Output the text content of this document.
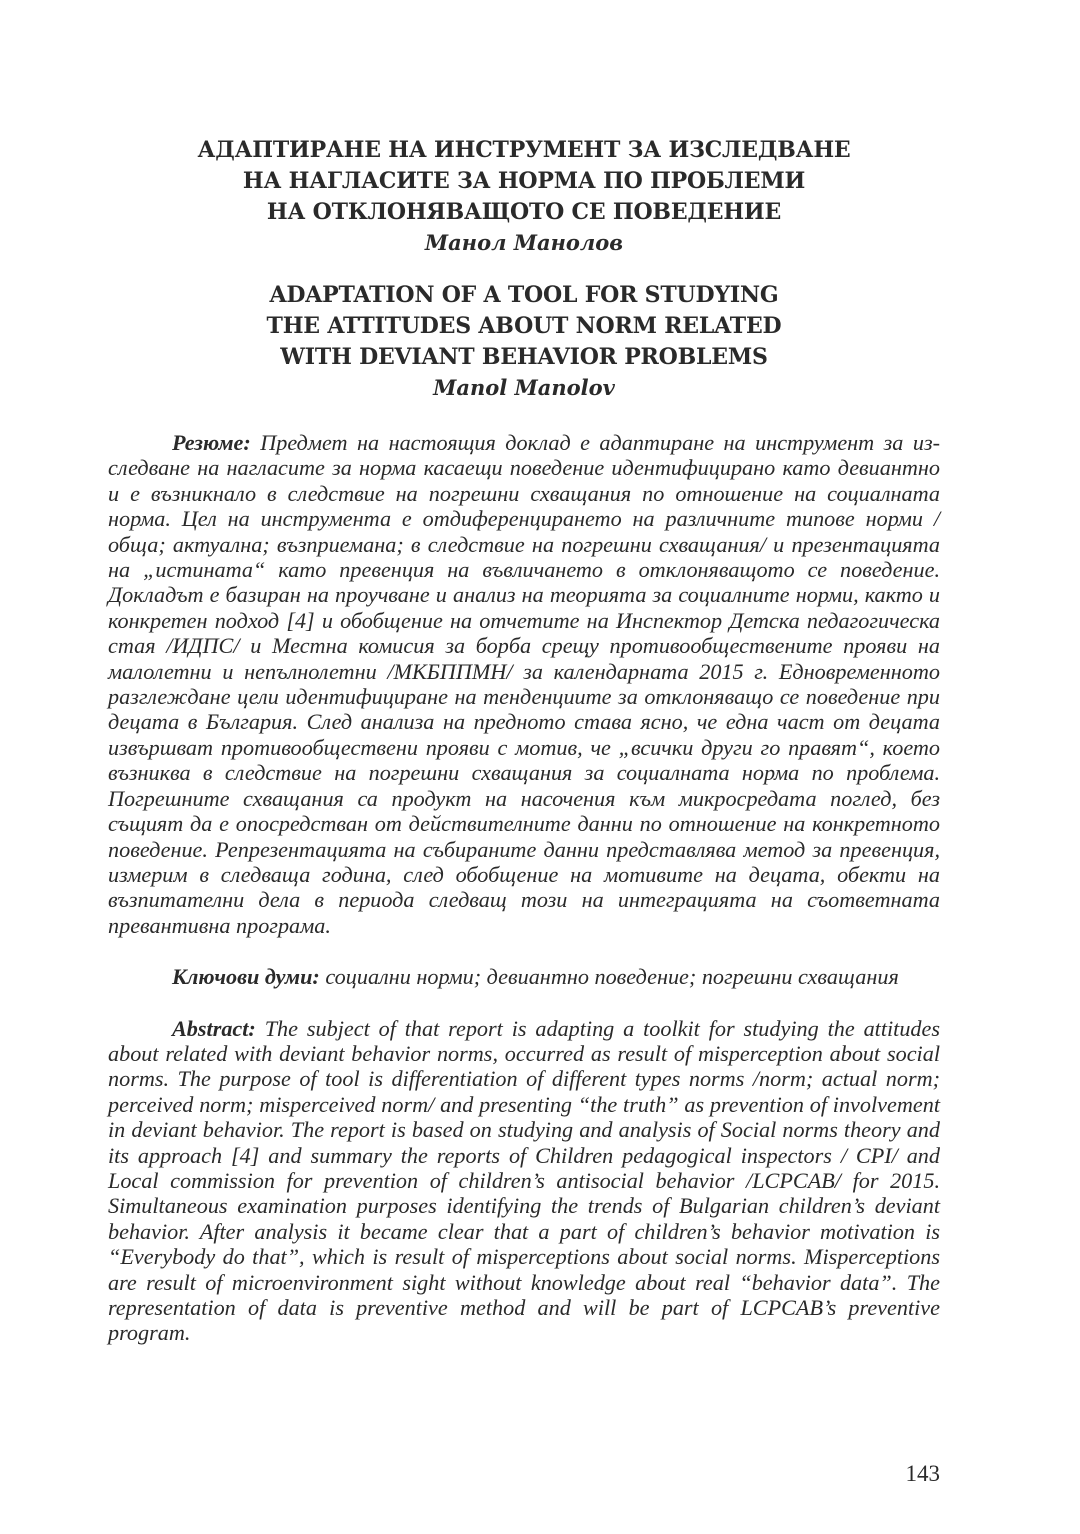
АДАПТИРАНЕ НА ИНСТРУМЕНТ ЗА ИЗСЛЕДВАНЕ
НА НАГЛАСИТЕ ЗА НОРМА ПО ПРОБЛЕМИ
НА ОТКЛОНЯВАЩОТО СЕ ПОВЕДЕНИЕ
Манол Манолов
ADAPTATION OF A TOOL FOR STUDYING
THE ATTITUDES ABOUT NORM RELATED
WITH DEVIANT BEHAVIOR PROBLEMS
Manol Manolov

Резюме: Предмет на настоящия доклад е адаптиране на инструмент за изследване на нагласите за норма касаещи поведение идентифицирано като девиантно и е възникнало в следствие на погрешни схващания по отношение на социалната норма. Цел на инструмента е отдиференцирането на различните типове норми / обща; актуална; възприемана; в следствие на погрешни схващания/ и презентацията на „истината“ като превенция на въвличането в отклоняващото се поведение. Докладът е базиран на проучване и анализ на теорията за социалните норми, както и конкретен подход [4] и обобщение на отчетите на Инспектор Детска педагогическа стая /ИДПС/ и Местна комисия за борба срещу противообществените прояви на малолетни и непълнолетни /МКБППМН/ за календарната 2015 г. Едновременното разглеждане цели идентифициране на тенденциите за отклоняващо се поведение при децата в България. След анализа на предното става ясно, че една част от децата извършват противообществени прояви с мотив, че „всички други го правят“, което възниква в следствие на погрешни схващания за социалната норма по проблема. Погрешните схващания са продукт на насочения към микросредата поглед, без същият да е опосредстван от действителните данни по отношение на конкретното поведение. Репрезентацията на събираните данни представлява метод за превенция, измерим в следваща година, след обобщение на мотивите на децата, обекти на възпитателни дела в периода следващ този на интеграцията на съответната превантивна програма.

Ключови думи: социални норми; девиантно поведение; погрешни схващания

Abstract: The subject of that report is adapting a toolkit for studying the attitudes about related with deviant behavior norms, occurred as result of misperception about social norms. The purpose of tool is differentiation of different types norms /norm; actual norm; perceived norm; misperceived norm/ and presenting “the truth” as prevention of involvement in deviant behavior. The report is based on studying and analysis of Social norms theory and its approach [4] and summary the reports of Children pedagogical inspectors / CPI/ and Local commission for prevention of children’s antisocial behavior /LCPCAB/ for 2015. Simultaneous examination purposes identifying the trends of Bulgarian children’s deviant behavior. After analysis it became clear that a part of children’s behavior motivation is “Everybody do that”, which is result of misperceptions about social norms. Misperceptions are result of microenvironment sight without knowledge about real “behavior data”. The representation of data is preventive method and will be part of LCPCAB’s preventive program.

143
